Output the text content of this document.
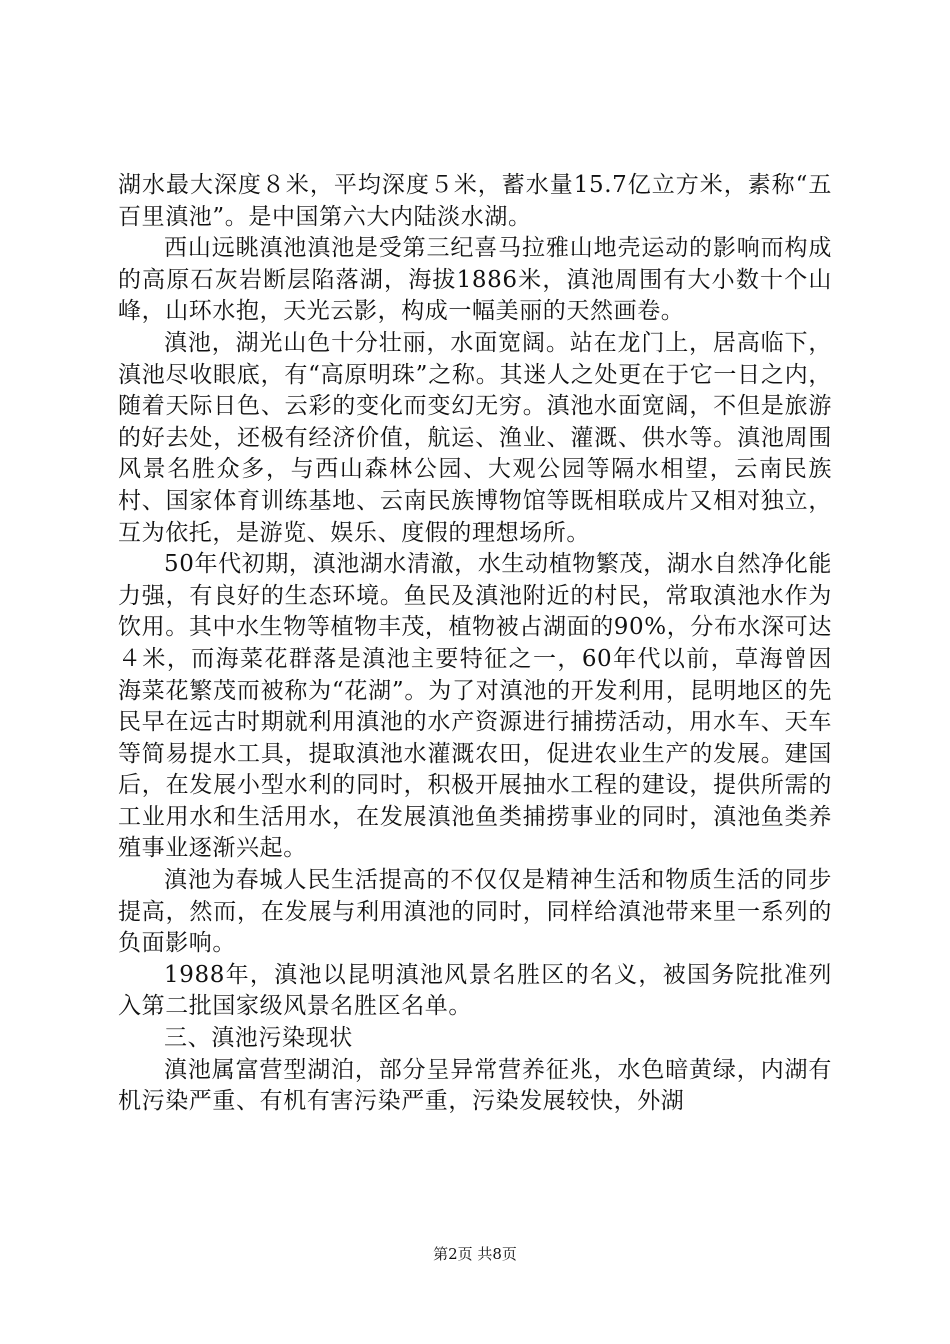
湖水最大深度８米，平均深度５米，蓄水量15.7亿立方米，素称“五百里滇池”。是中国第六大内陆淡水湖。

西山远眺滇池滇池是受第三纪喜马拉雅山地壳运动的影响而构成的高原石灰岩断层陷落湖，海拔1886米，滇池周围有大小数十个山峰，山环水抱，天光云影，构成一幅美丽的天然画卷。

滇池，湖光山色十分壮丽，水面宽阔。站在龙门上，居高临下，滇池尽收眼底，有“高原明珠”之称。其迷人之处更在于它一日之内，随着天际日色、云彩的变化而变幻无穷。滇池水面宽阔，不但是旅游的好去处，还极有经济价值，航运、渔业、灌溉、供水等。滇池周围风景名胜众多，与西山森林公园、大观公园等隔水相望，云南民族村、国家体育训练基地、云南民族博物馆等既相联成片又相对独立，互为依托，是游览、娱乐、度假的理想场所。

50年代初期，滇池湖水清澈，水生动植物繁茂，湖水自然净化能力强，有良好的生态环境。鱼民及滇池附近的村民，常取滇池水作为饮用。其中水生物等植物丰茂，植物被占湖面的90%，分布水深可达４米，而海菜花群落是滇池主要特征之一，60年代以前，草海曾因海菜花繁茂而被称为“花湖”。为了对滇池的开发利用，昆明地区的先民早在远古时期就利用滇池的水产资源进行捕捞活动，用水车、天车等简易提水工具，提取滇池水灌溉农田，促进农业生产的发展。建国后，在发展小型水利的同时，积极开展抽水工程的建设，提供所需的工业用水和生活用水，在发展滇池鱼类捕捞事业的同时，滇池鱼类养殖事业逐渐兴起。

滇池为春城人民生活提高的不仅仅是精神生活和物质生活的同步提高，然而，在发展与利用滇池的同时，同样给滇池带来里一系列的负面影响。

1988年，滇池以昆明滇池风景名胜区的名义，被国务院批准列入第二批国家级风景名胜区名单。

三、滇池污染现状

滇池属富营型湖泊，部分呈异常营养征兆，水色暗黄绿，内湖有机污染严重、有机有害污染严重，污染发展较快，外湖

第2页 共8页
